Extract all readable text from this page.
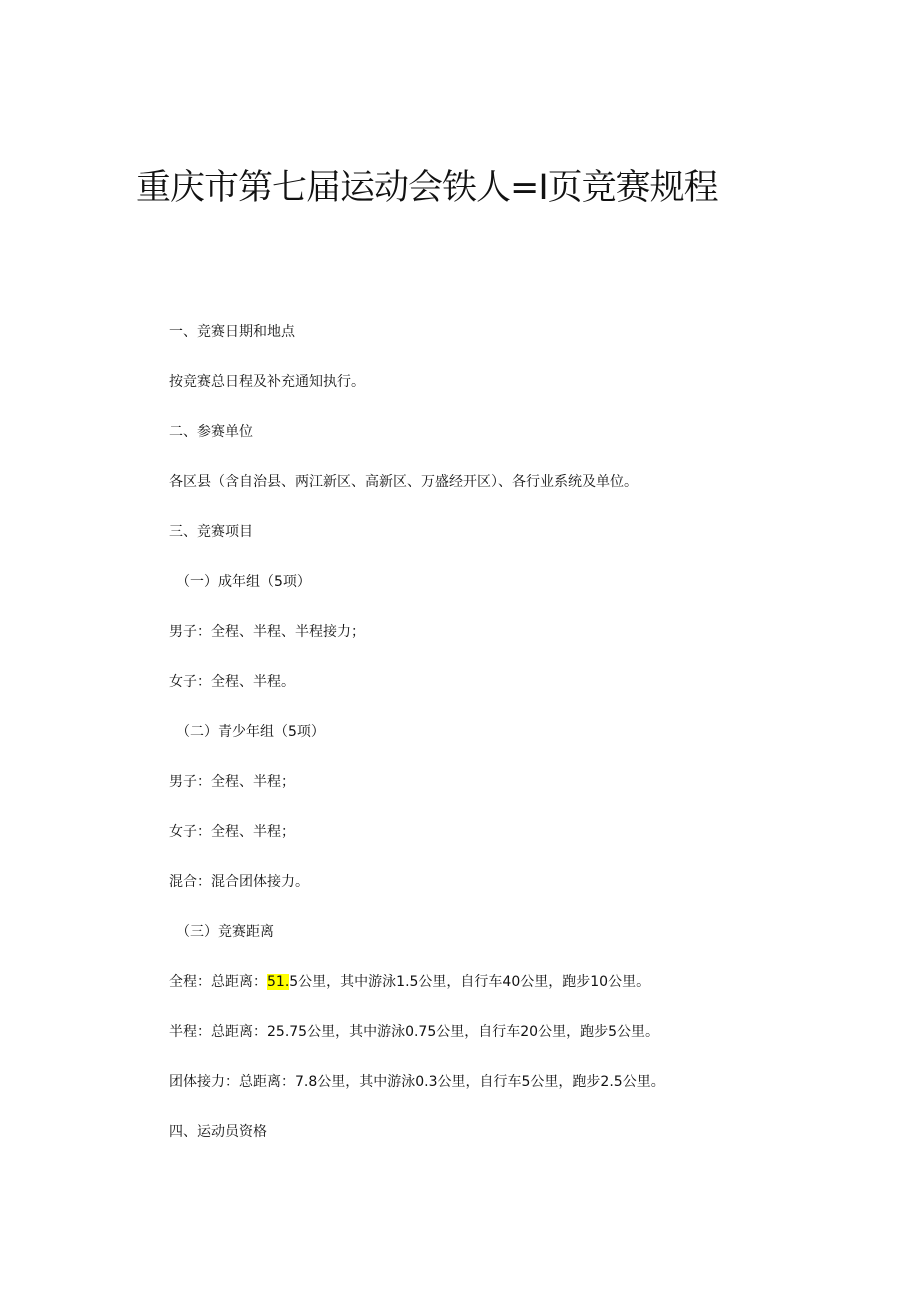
重庆市第七届运动会铁人=I页竞赛规程

一、竞赛日期和地点

按竞赛总日程及补充通知执行。

二、参赛单位

各区县（含自治县、两江新区、高新区、万盛经开区）、各行业系统及单位。

三、竞赛项目

（一）成年组（5项）

男子：全程、半程、半程接力；

女子：全程、半程。

（二）青少年组（5项）

男子：全程、半程；

女子：全程、半程；

混合：混合团体接力。

（三）竞赛距离

全程：总距离：51.5公里，其中游泳1.5公里，自行车40公里，跑步10公里。

半程：总距离：25.75公里，其中游泳0.75公里，自行车20公里，跑步5公里。

团体接力：总距离：7.8公里，其中游泳0.3公里，自行车5公里，跑步2.5公里。

四、运动员资格
